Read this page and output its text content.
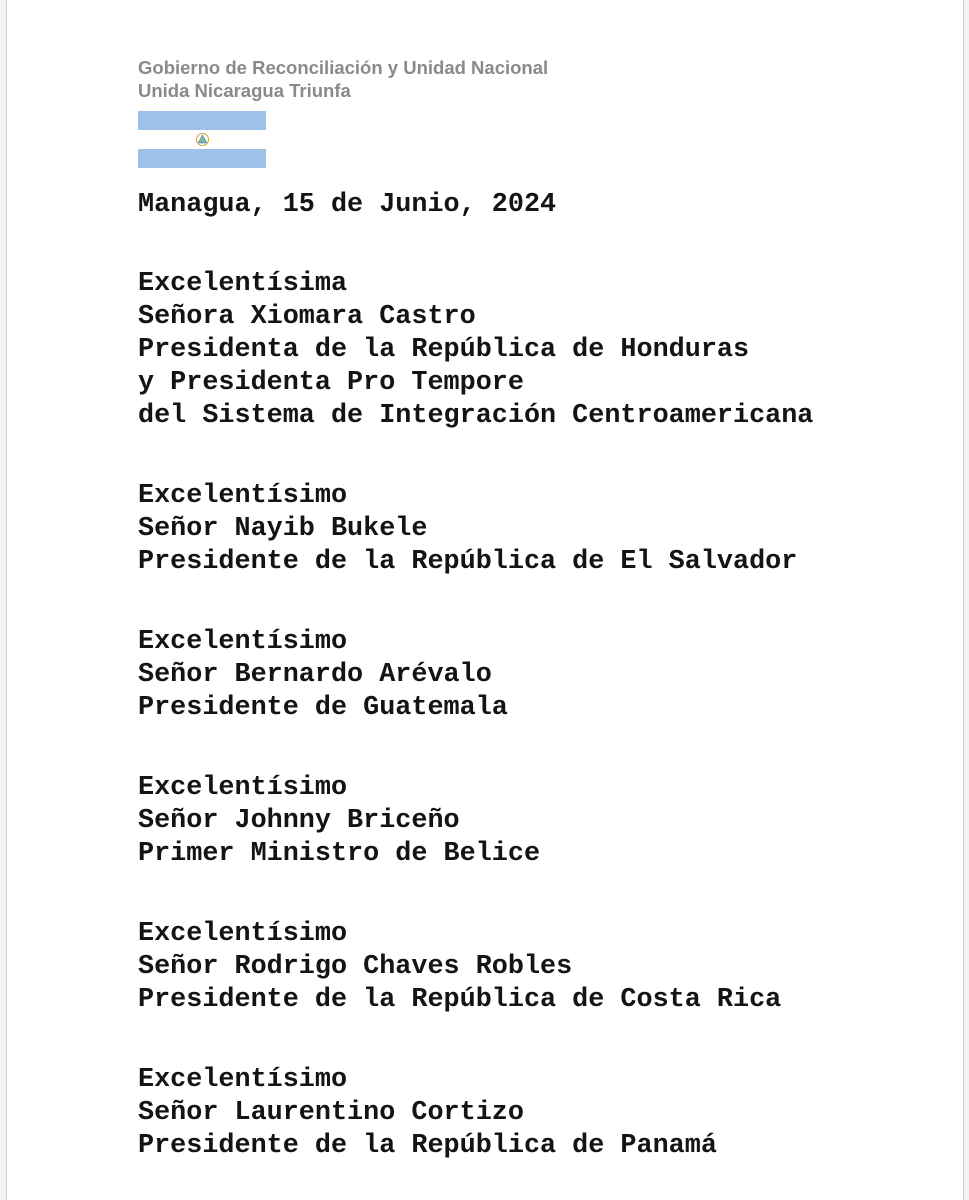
Gobierno de Reconciliación y Unidad Nacional
Unida Nicaragua Triunfa
Managua, 15 de Junio, 2024
Excelentísima
Señora Xiomara Castro
Presidenta de la República de Honduras
y Presidenta Pro Tempore
del Sistema de Integración Centroamericana
Excelentísimo
Señor Nayib Bukele
Presidente de la República de El Salvador
Excelentísimo
Señor Bernardo Arévalo
Presidente de Guatemala
Excelentísimo
Señor Johnny Briceño
Primer Ministro de Belice
Excelentísimo
Señor Rodrigo Chaves Robles
Presidente de la República de Costa Rica
Excelentísimo
Señor Laurentino Cortizo
Presidente de la República de Panamá
